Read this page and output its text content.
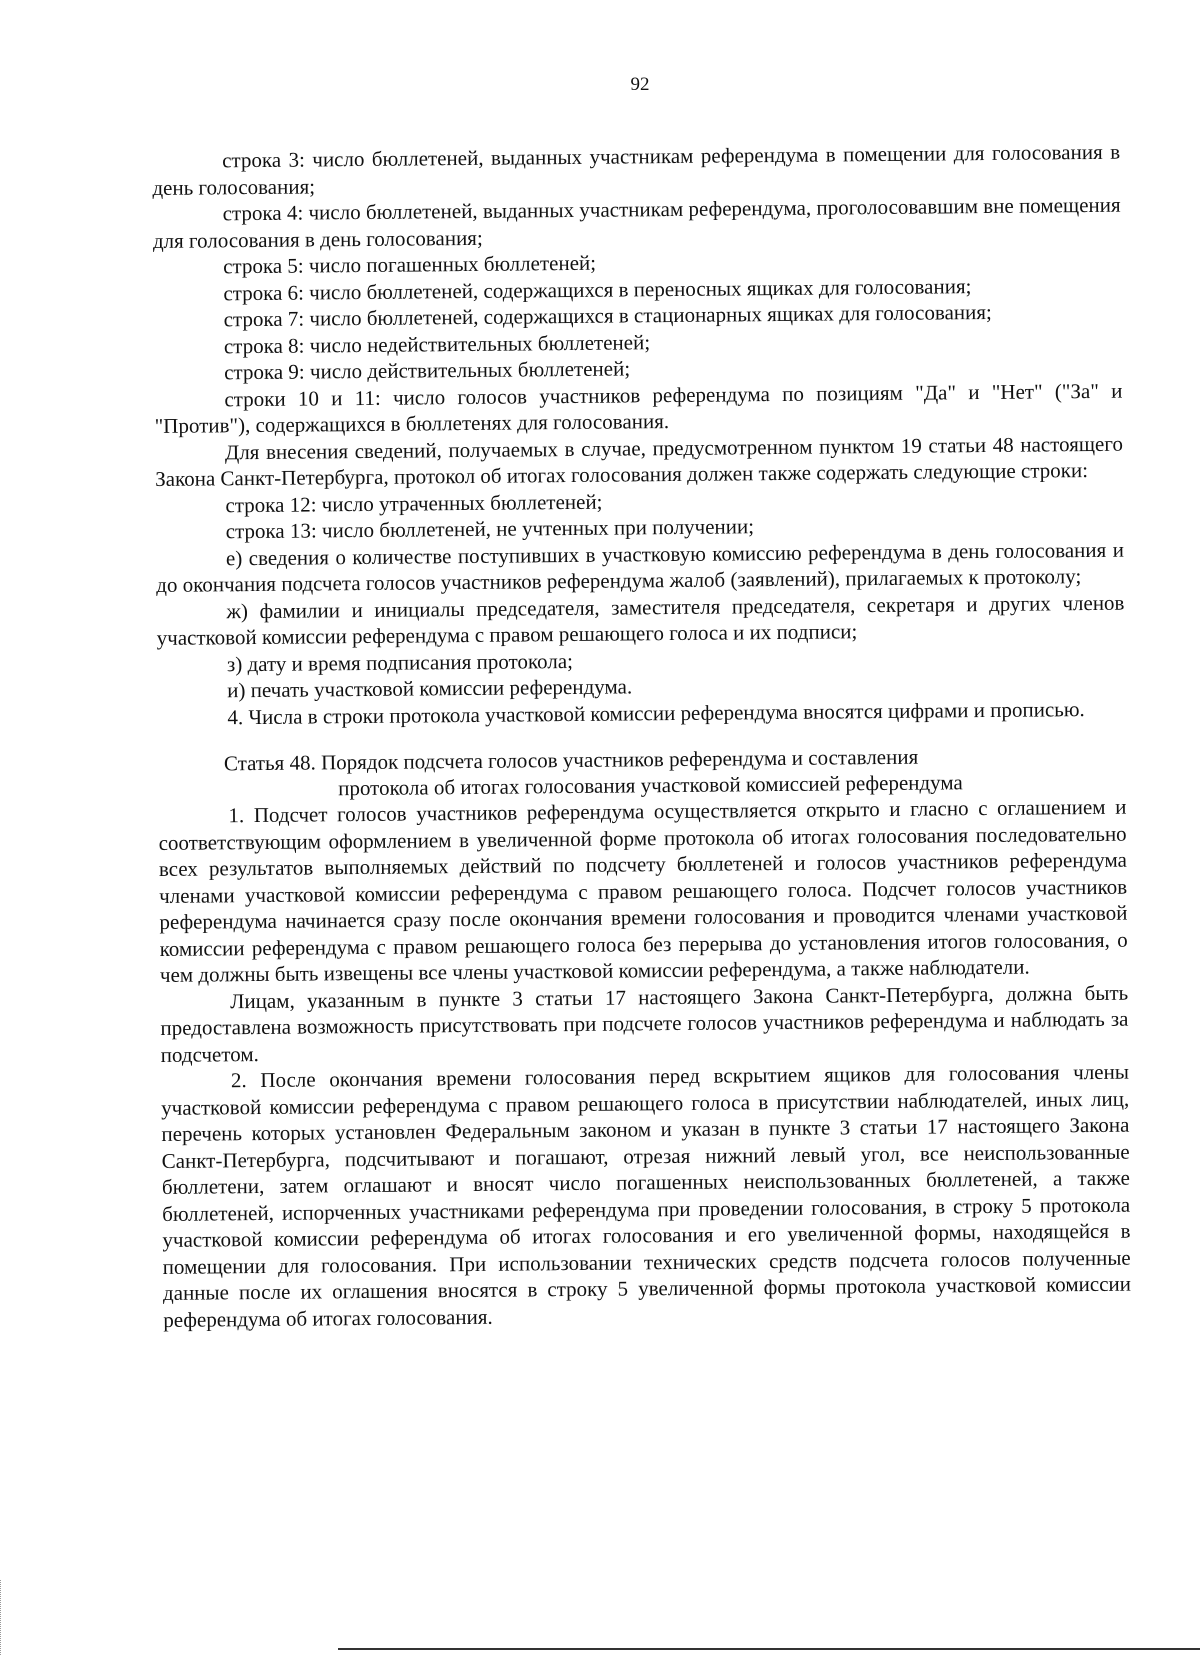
92

строка 3: число бюллетеней, выданных участникам референдума в помещении для голосования в день голосования;

строка 4: число бюллетеней, выданных участникам референдума, проголосовавшим вне помещения для голосования в день голосования;

строка 5: число погашенных бюллетеней;

строка 6: число бюллетеней, содержащихся в переносных ящиках для голосования;

строка 7: число бюллетеней, содержащихся в стационарных ящиках для голосования;

строка 8: число недействительных бюллетеней;

строка 9: число действительных бюллетеней;

строки 10 и 11: число голосов участников референдума по позициям "Да" и "Нет" ("За" и "Против"), содержащихся в бюллетенях для голосования.

Для внесения сведений, получаемых в случае, предусмотренном пунктом 19 статьи 48 настоящего Закона Санкт-Петербурга, протокол об итогах голосования должен также содержать следующие строки:

строка 12: число утраченных бюллетеней;

строка 13: число бюллетеней, не учтенных при получении;

е) сведения о количестве поступивших в участковую комиссию референдума в день голосования и до окончания подсчета голосов участников референдума жалоб (заявлений), прилагаемых к протоколу;

ж) фамилии и инициалы председателя, заместителя председателя, секретаря и других членов участковой комиссии референдума с правом решающего голоса и их подписи;

з) дату и время подписания протокола;

и) печать участковой комиссии референдума.

4. Числа в строки протокола участковой комиссии референдума вносятся цифрами и прописью.

Статья 48. Порядок подсчета голосов участников референдума и составления
протокола об итогах голосования участковой комиссией референдума

1. Подсчет голосов участников референдума осуществляется открыто и гласно с оглашением и соответствующим оформлением в увеличенной форме протокола об итогах голосования последовательно всех результатов выполняемых действий по подсчету бюллетеней и голосов участников референдума членами участковой комиссии референдума с правом решающего голоса. Подсчет голосов участников референдума начинается сразу после окончания времени голосования и проводится членами участковой комиссии референдума с правом решающего голоса без перерыва до установления итогов голосования, о чем должны быть извещены все члены участковой комиссии референдума, а также наблюдатели.

Лицам, указанным в пункте 3 статьи 17 настоящего Закона Санкт-Петербурга, должна быть предоставлена возможность присутствовать при подсчете голосов участников референдума и наблюдать за подсчетом.

2. После окончания времени голосования перед вскрытием ящиков для голосования члены участковой комиссии референдума с правом решающего голоса в присутствии наблюдателей, иных лиц, перечень которых установлен Федеральным законом и указан в пункте 3 статьи 17 настоящего Закона Санкт-Петербурга, подсчитывают и погашают, отрезая нижний левый угол, все неиспользованные бюллетени, затем оглашают и вносят число погашенных неиспользованных бюллетеней, а также бюллетеней, испорченных участниками референдума при проведении голосования, в строку 5 протокола участковой комиссии референдума об итогах голосования и его увеличенной формы, находящейся в помещении для голосования. При использовании технических средств подсчета голосов полученные данные после их оглашения вносятся в строку 5 увеличенной формы протокола участковой комиссии референдума об итогах голосования.
